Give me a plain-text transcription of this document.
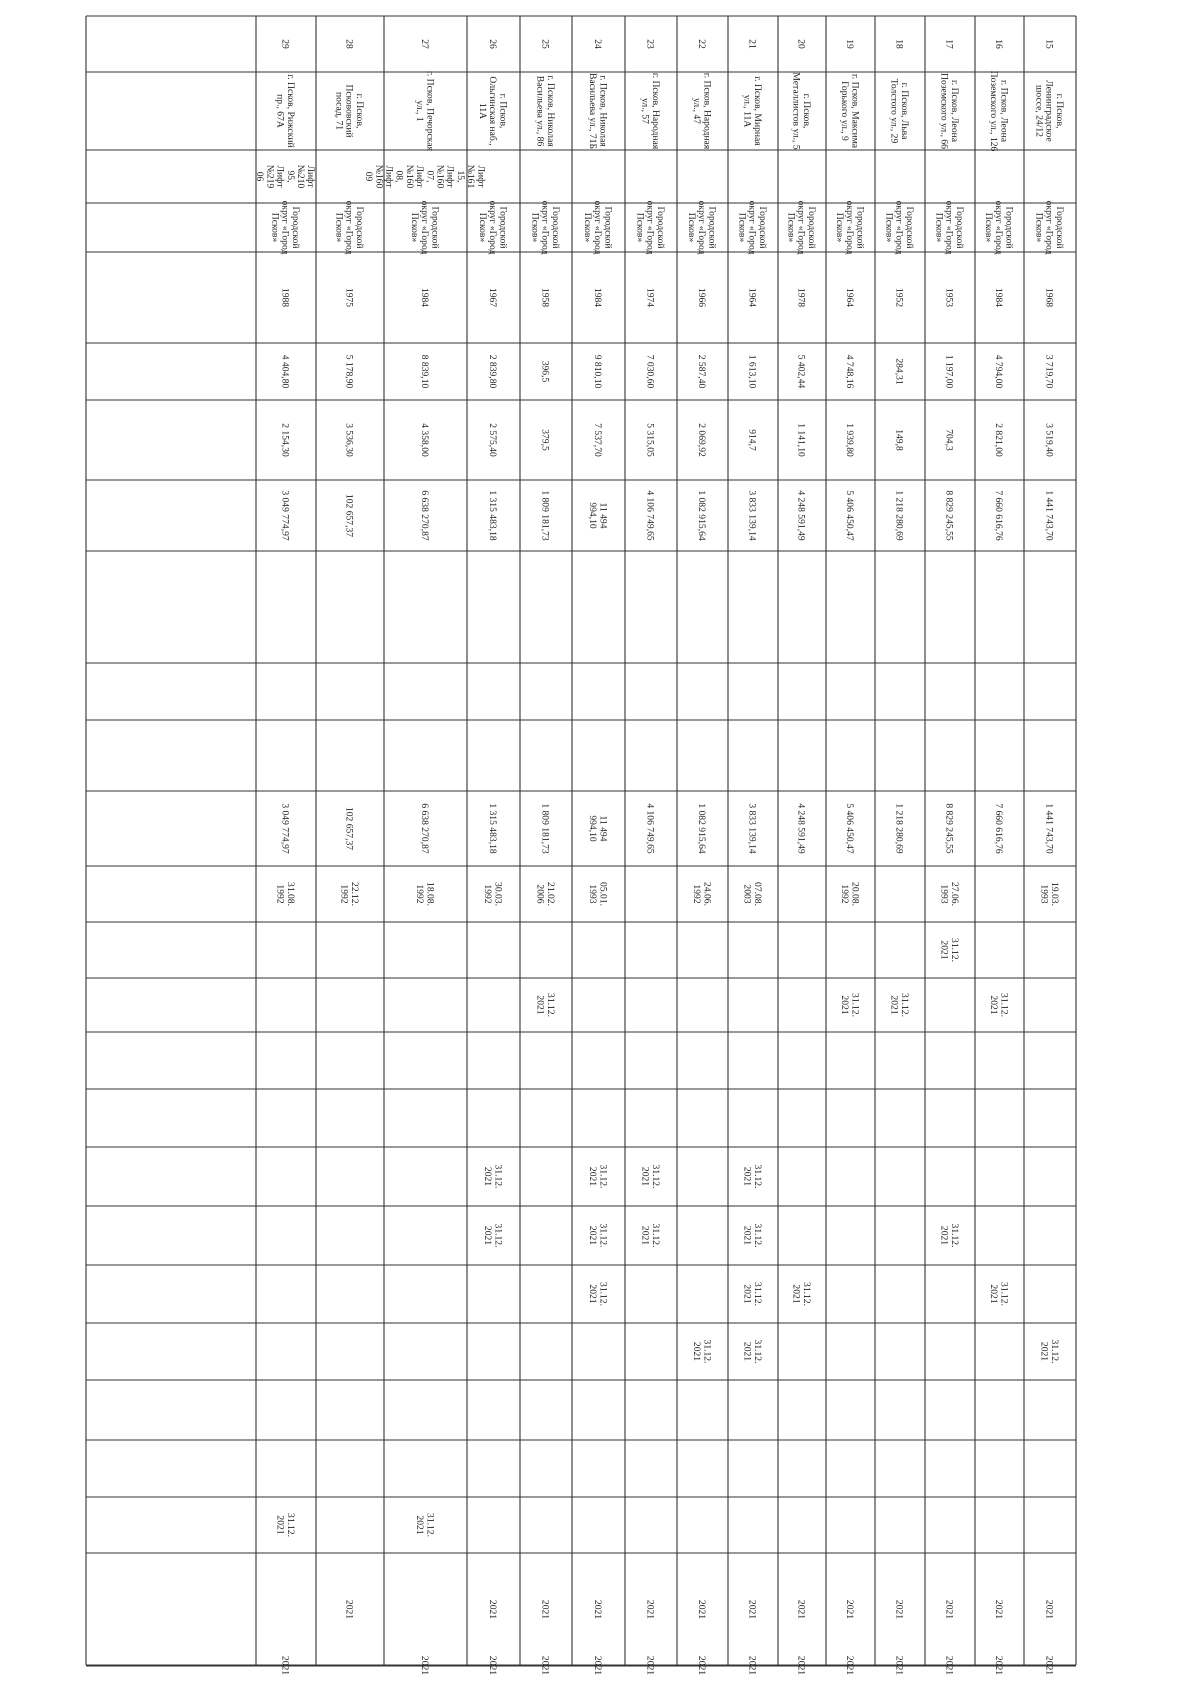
15
г. Псков,
Ленинградское
шоссе, 24/12
Городской
округ «Город
Псков»
1968
3 719,70
3 519,40
1 441 743,70
1 441 743,70
19.03.
1993
31.12.
2021
2021
2021
16
г. Псков, Леона
Поземского ул., 126
Городской
округ «Город
Псков»
1984
4 794,00
2 821,00
7 660 616,76
7 660 616,76
31.12.
2021
31.12.
2021
2021
2021
17
г. Псков, Леона
Поземского ул., 66
Городской
округ «Город
Псков»
1953
1 197,00
704,3
8 829 245,55
8 829 245,55
27.06.
1993
31.12.
2021
31.12.
2021
2021
2021
18
г. Псков, Льва
Толстого ул., 29
Городской
округ «Город
Псков»
1952
284,31
149,8
1 218 280,69
1 218 280,69
31.12.
2021
2021
2021
19
г. Псков, Максима
Горького ул., 9
Городской
округ «Город
Псков»
1964
4 748,16
1 939,80
5 406 450,47
5 406 450,47
20.08.
1992
31.12.
2021
2021
2021
20
г. Псков,
Металлистов ул., 5
Городской
округ «Город
Псков»
1978
5 402,44
1 141,10
4 248 591,49
4 248 591,49
31.12.
2021
2021
2021
21
г. Псков, Мирная
ул., 11А
Городской
округ «Город
Псков»
1964
1 613,10
914,7
3 833 139,14
3 833 139,14
07.08.
2003
31.12.
2021
31.12.
2021
31.12.
2021
31.12.
2021
2021
2021
22
г. Псков, Народная
ул., 47
Городской
округ «Город
Псков»
1966
2 587,40
2 069,92
1 082 915,64
1 082 915,64
24.06.
1992
31.12.
2021
2021
2021
23
г. Псков, Народная
ул., 57
Городской
округ «Город
Псков»
1974
7 030,60
5 315,05
4 106 749,65
4 106 749,65
31.12.
2021
31.12.
2021
2021
2021
24
г. Псков, Николая
Васильева ул., 71Б
Городской
округ «Город
Псков»
1984
9 810,10
7 537,70
11 494
994,10
11 494
994,10
05.01.
1993
31.12.
2021
31.12.
2021
31.12.
2021
2021
2021
25
г. Псков, Николая
Васильева ул., 86
Городской
округ «Город
Псков»
1958
396,5
379,5
1 809 181,73
1 809 181,73
21.02.
2006
31.12.
2021
2021
2021
26
г. Псков,
Ольгинская наб.,
11А
Городской
округ «Город
Псков»
1967
2 839,80
2 575,40
1 315 483,18
1 315 483,18
30.03.
1992
31.12.
2021
31.12.
2021
2021
2021
27
г. Псков, Печорская
ул., 1
Лифт
№161
15,
Лифт
№160
07,
Лифт
№160
08,
Лифт
№160
09
Городской
округ «Город
Псков»
1984
8 839,10
4 358,00
6 638 270,87
6 638 270,87
18.08.
1992
31.12.
2021
2021
28
г. Псков,
Пскововский
посад, 71
Городской
округ «Город
Псков»
1975
5 178,90
3 536,30
102 657,37
102 657,37
22.12.
1992
2021
29
г. Псков, Рижский
пр., 67А
Лифт
№210
95,
Лифт
№219
06
Городской
округ «Город
Псков»
1988
4 404,80
2 154,30
3 049 774,97
3 049 774,97
31.08.
1992
31.12.
2021
2021
